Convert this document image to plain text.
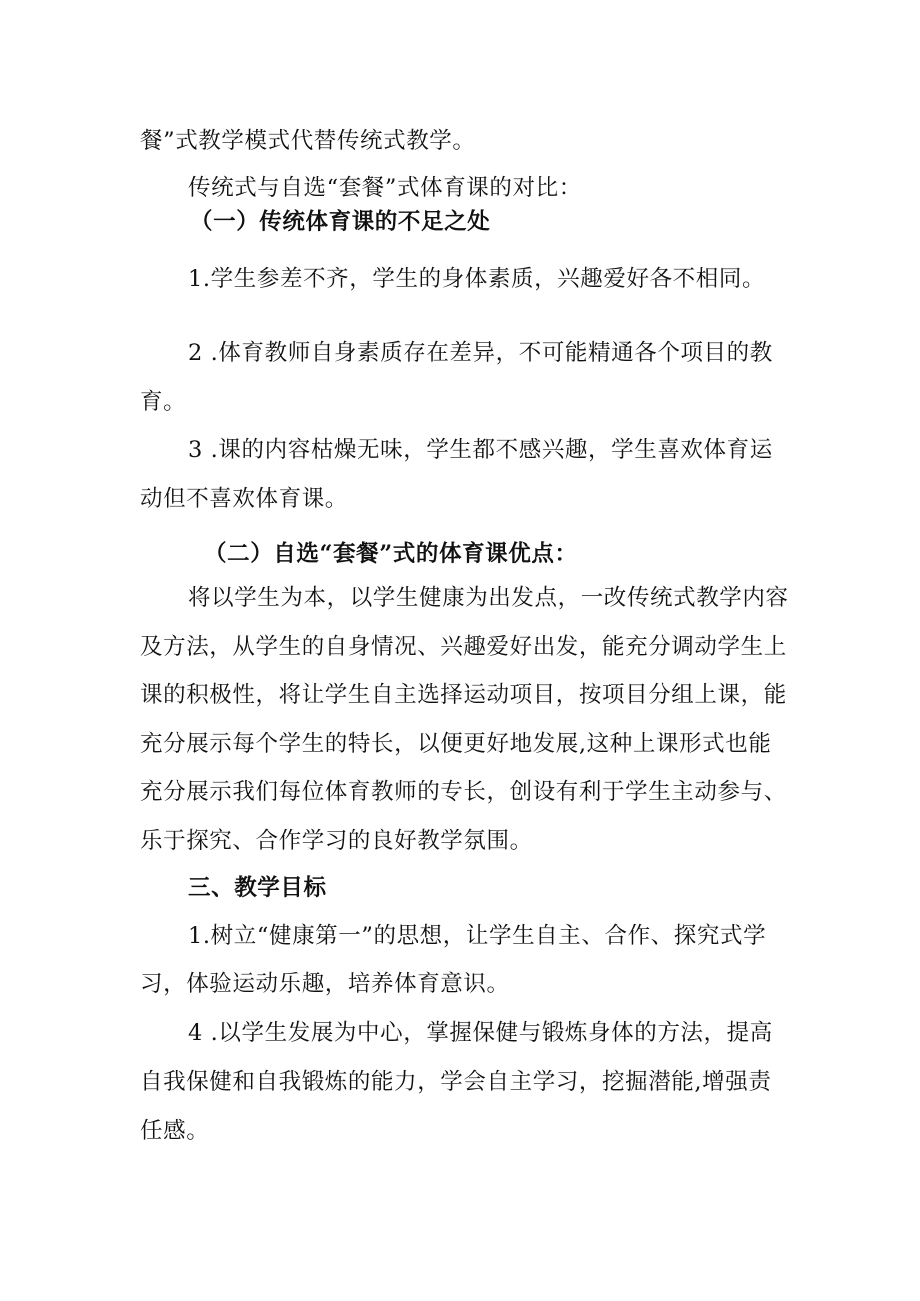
餐”式教学模式代替传统式教学。
传统式与自选“套餐”式体育课的对比：
（一）传统体育课的不足之处
1.学生参差不齐，学生的身体素质，兴趣爱好各不相同。
2 .体育教师自身素质存在差异，不可能精通各个项目的教
育。
3 .课的内容枯燥无味，学生都不感兴趣，学生喜欢体育运
动但不喜欢体育课。
（二）自选“套餐”式的体育课优点：
将以学生为本，以学生健康为出发点，一改传统式教学内容
及方法，从学生的自身情况、兴趣爱好出发，能充分调动学生上
课的积极性，将让学生自主选择运动项目，按项目分组上课，能
充分展示每个学生的特长，以便更好地发展,这种上课形式也能
充分展示我们每位体育教师的专长，创设有利于学生主动参与、
乐于探究、合作学习的良好教学氛围。
三、教学目标
1.树立“健康第一”的思想，让学生自主、合作、探究式学
习，体验运动乐趣，培养体育意识。
4 .以学生发展为中心，掌握保健与锻炼身体的方法，提高
自我保健和自我锻炼的能力，学会自主学习，挖掘潜能,增强责
任感。
